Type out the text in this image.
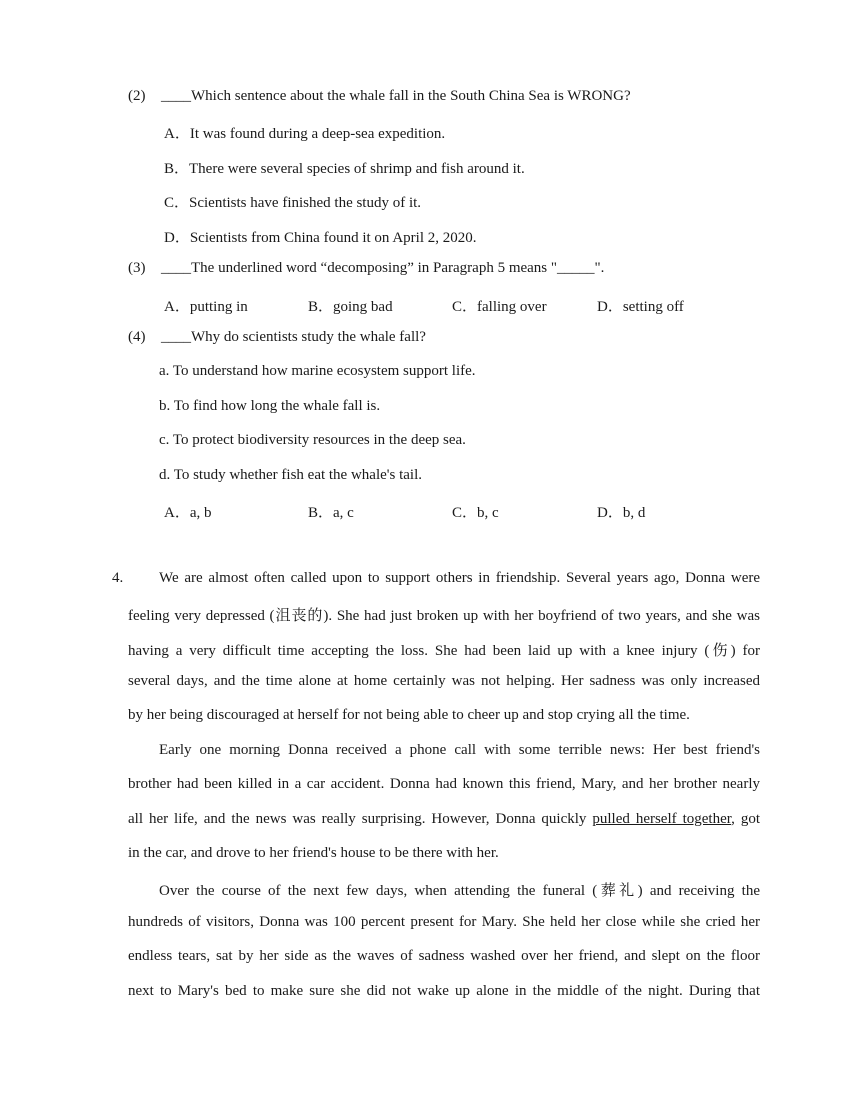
(2) ____Which sentence about the whale fall in the South China Sea is WRONG?
A．It was found during a deep-sea expedition.
B．There were several species of shrimp and fish around it.
C．Scientists have finished the study of it.
D．Scientists from China found it on April 2, 2020.
(3) ____The underlined word “decomposing” in Paragraph 5 means "_____".
A．putting in	B．going bad	C．falling over	D．setting off
(4) ____Why do scientists study the whale fall?
a. To understand how marine ecosystem support life.
b. To find how long the whale fall is.
c. To protect biodiversity resources in the deep sea.
d. To study whether fish eat the whale's tail.
A．a, b	B．a, c	C．b, c	D．b, d
4. We are almost often called upon to support others in friendship. Several years ago, Donna were
feeling very depressed (沮丧的). She had just broken up with her boyfriend of two years, and she was
having a very difficult time accepting the loss. She had been laid up with a knee injury (伤) for
several days, and the time alone at home certainly was not helping. Her sadness was only increased
by her being discouraged at herself for not being able to cheer up and stop crying all the time.
Early one morning Donna received a phone call with some terrible news: Her best friend's
brother had been killed in a car accident. Donna had known this friend, Mary, and her brother nearly
all her life, and the news was really surprising. However, Donna quickly pulled herself together, got
in the car, and drove to her friend's house to be there with her.
Over the course of the next few days, when attending the funeral (葬礼) and receiving the
hundreds of visitors, Donna was 100 percent present for Mary. She held her close while she cried her
endless tears, sat by her side as the waves of sadness washed over her friend, and slept on the floor
next to Mary's bed to make sure she did not wake up alone in the middle of the night. During that
